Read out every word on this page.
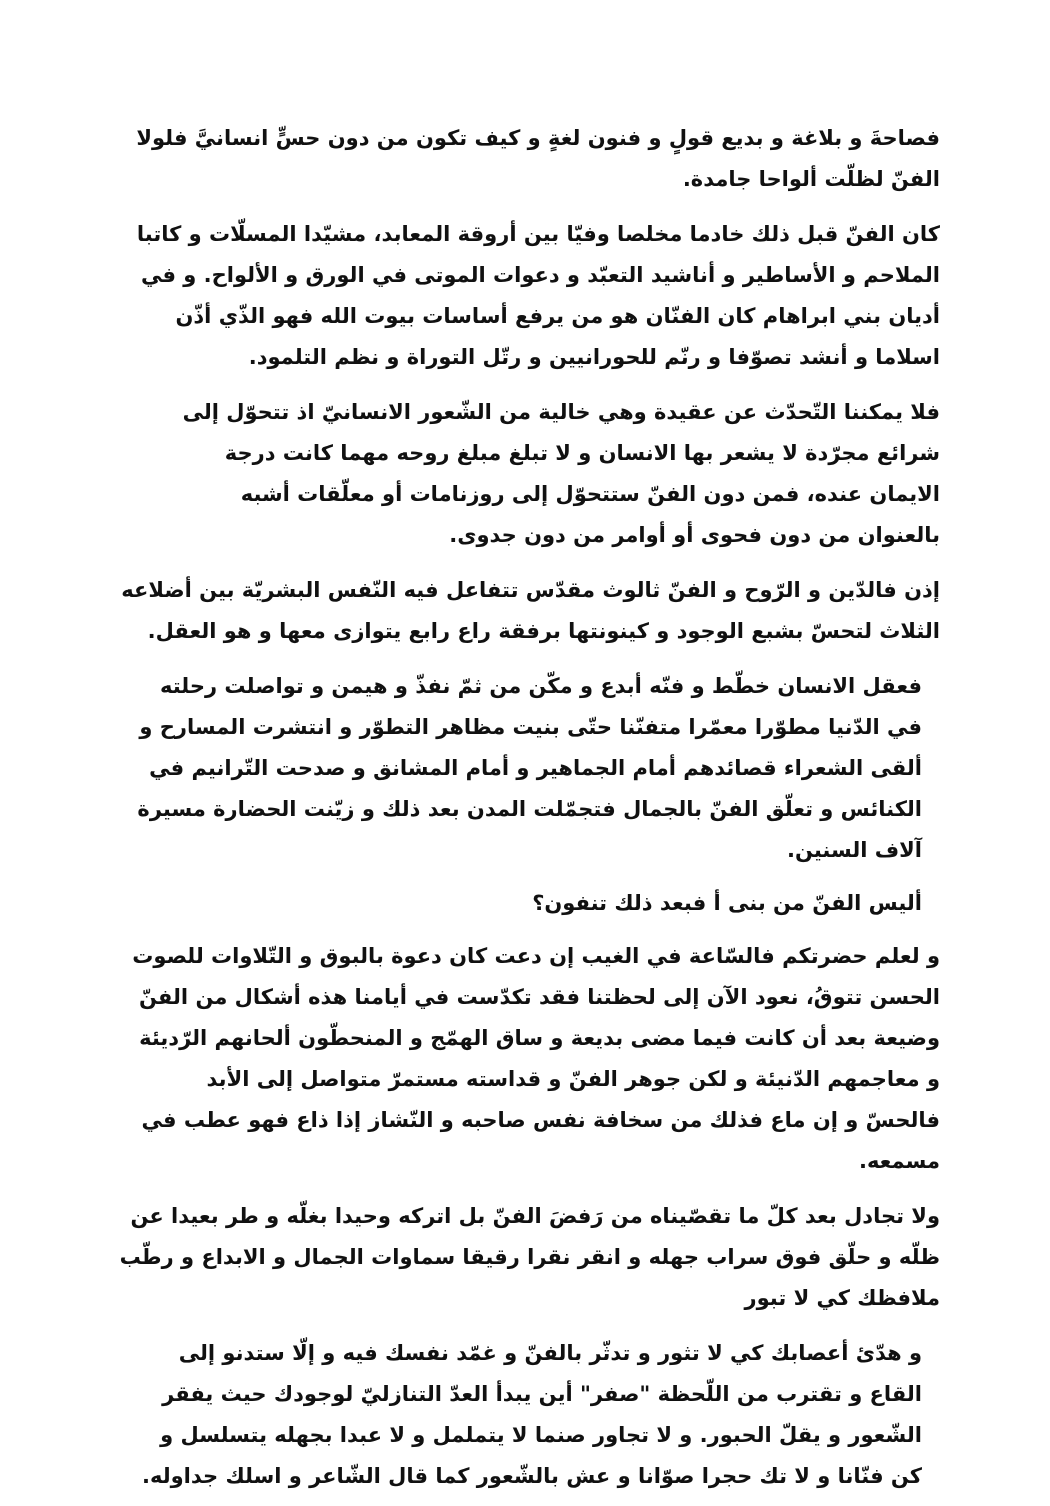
فصاحةَ و بلاغة و بديع قولٍ و فنون لغةٍ و كيف تكون من دون حسٍّ انسانيَّ فلولا الفنّ لظلّت ألواحا جامدة.

كان الفنّ قبل ذلك خادما مخلصا وفيّا بين أروقة المعابد، مشيّدا المسلّات و كاتبا الملاحم و الأساطير و أناشيد التعبّد و دعوات الموتى في الورق و الألواح. و في أديان بني ابراهام كان الفنّان هو من يرفع أساسات بيوت الله فهو الذّي أذّن اسلاما و أنشد تصوّفا و رنّم للحورانيين و رتّل التوراة و نظم التلمود.

فلا يمكننا التّحدّث عن عقيدة وهي خالية من الشّعور الانسانيّ اذ تتحوّل إلى شرائع مجرّدة لا يشعر بها الانسان و لا تبلغ مبلغ روحه مهما كانت درجة الايمان عنده، فمن دون الفنّ ستتحوّل إلى روزنامات أو معلّقات أشبه بالعنوان من دون فحوى أو أوامر من دون جدوى.

إذن فالدّين و الرّوح و الفنّ ثالوث مقدّس تتفاعل فيه النّفس البشريّة بين أضلاعه الثلاث لتحسّ بشبع الوجود و كينونتها برفقة راع رابع يتوازى معها و هو العقل.

فعقل الانسان خطّط و فنّه أبدع و مكّن من ثمّ نفذّ و هيمن و تواصلت رحلته في الدّنيا مطوّرا معمّرا متفنّنا حتّى بنيت مظاهر التطوّر و انتشرت المسارح و ألقى الشعراء قصائدهم أمام الجماهير و أمام المشانق و صدحت التّرانيم في الكنائس و تعلّق الفنّ بالجمال فتجمّلت المدن بعد ذلك و زيّنت الحضارة مسيرة آلاف السنين.

أليس الفنّ من بنى أ فبعد ذلك تنفون؟

و لعلم حضرتكم فالسّاعة في الغيب إن دعت كان دعوة بالبوق و التّلاوات للصوت الحسن تتوقُ، نعود الآن إلى لحظتنا فقد تكدّست في أيامنا هذه أشكال من الفنّ وضيعة بعد أن كانت فيما مضى بديعة و ساق الهمّج و المنحطّون ألحانهم الرّديئة و معاجمهم الدّنيئة و لكن جوهر الفنّ و قداسته مستمرّ متواصل إلى الأبد فالحسّ و إن ماع فذلك من سخافة نفس صاحبه و النّشاز إذا ذاع فهو عطب في مسمعه.

ولا تجادل بعد كلّ ما تقصّيناه من رَفضَ الفنّ بل اتركه وحيدا بغلّه و طر بعيدا عن ظلّه و حلّق فوق سراب جهله و انقر نقرا رقيقا سماوات الجمال و الابداع و رطّب ملافظك كي لا تبور

و هدّئ أعصابك كي لا تثور و تدثّر بالفنّ و غمّد نفسك فيه و إلّا ستدنو إلى القاع و تقترب من اللّحظة "صفر" أين يبدأ العدّ التنازليّ لوجودك حيث يفقر الشّعور و يقلّ الحبور. و لا تجاور صنما لا يتململ و لا عبدا بجهله يتسلسل و كن فنّانا و لا تك حجرا صوّانا و عش بالشّعور كما قال الشّاعر و اسلك جداوله.
